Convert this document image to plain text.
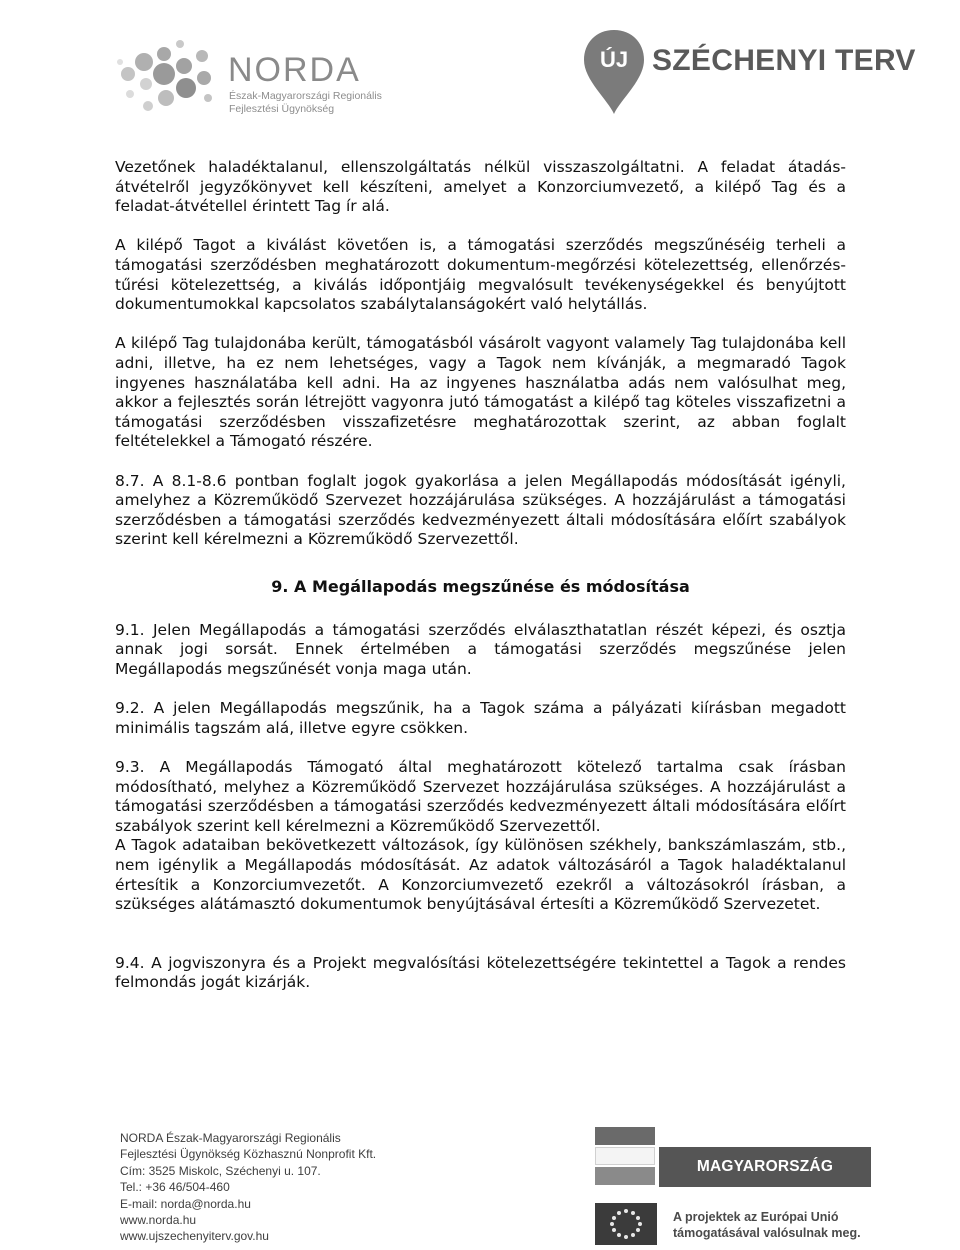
NORDA
Észak-Magyarországi Regionális
Fejlesztési Ügynökség
ÚJ SZÉCHENYI TERV

Vezetőnek haladéktalanul, ellenszolgáltatás nélkül visszaszolgáltatni. A feladat átadás-átvételről jegyzőkönyvet kell készíteni, amelyet a Konzorciumvezető, a kilépő Tag és a feladat-átvétellel érintett Tag ír alá.

A kilépő Tagot a kiválást követően is, a támogatási szerződés megszűnéséig terheli a támogatási szerződésben meghatározott dokumentum-megőrzési kötelezettség, ellenőrzés-tűrési kötelezettség, a kiválás időpontjáig megvalósult tevékenységekkel és benyújtott dokumentumokkal kapcsolatos szabálytalanságokért való helytállás.

A kilépő Tag tulajdonába került, támogatásból vásárolt vagyont valamely Tag tulajdonába kell adni, illetve, ha ez nem lehetséges, vagy a Tagok nem kívánják, a megmaradó Tagok ingyenes használatába kell adni. Ha az ingyenes használatba adás nem valósulhat meg, akkor a fejlesztés során létrejött vagyonra jutó támogatást a kilépő tag köteles visszafizetni a támogatási szerződésben visszafizetésre meghatározottak szerint, az abban foglalt feltételekkel a Támogató részére.

8.7. A 8.1-8.6 pontban foglalt jogok gyakorlása a jelen Megállapodás módosítását igényli, amelyhez a Közreműködő Szervezet hozzájárulása szükséges. A hozzájárulást a támogatási szerződésben a támogatási szerződés kedvezményezett általi módosítására előírt szabályok szerint kell kérelmezni a Közreműködő Szervezettől.

9. A Megállapodás megszűnése és módosítása

9.1. Jelen Megállapodás a támogatási szerződés elválaszthatatlan részét képezi, és osztja annak jogi sorsát. Ennek értelmében a támogatási szerződés megszűnése jelen Megállapodás megszűnését vonja maga után.

9.2. A jelen Megállapodás megszűnik, ha a Tagok száma a pályázati kiírásban megadott minimális tagszám alá, illetve egyre csökken.

9.3. A Megállapodás Támogató által meghatározott kötelező tartalma csak írásban módosítható, melyhez a Közreműködő Szervezet hozzájárulása szükséges. A hozzájárulást a támogatási szerződésben a támogatási szerződés kedvezményezett általi módosítására előírt szabályok szerint kell kérelmezni a Közreműködő Szervezettől.

A Tagok adataiban bekövetkezett változások, így különösen székhely, bankszámlaszám, stb., nem igénylik a Megállapodás módosítását. Az adatok változásáról a Tagok haladéktalanul értesítik a Konzorciumvezetőt. A Konzorciumvezető ezekről a változásokról írásban, a szükséges alátámasztó dokumentumok benyújtásával értesíti a Közreműködő Szervezetet.

9.4. A jogviszonyra és a Projekt megvalósítási kötelezettségére tekintettel a Tagok a rendes felmondás jogát kizárják.

NORDA Észak-Magyarországi Regionális
Fejlesztési Ügynökség Közhasznú Nonprofit Kft.
Cím: 3525 Miskolc, Széchenyi u. 107.
Tel.: +36 46/504-460
E-mail: norda@norda.hu
www.norda.hu
www.ujszechenyiterv.gov.hu
MAGYARORSZÁG MEGÚJUL
A projektek az Európai Unió
támogatásával valósulnak meg.
